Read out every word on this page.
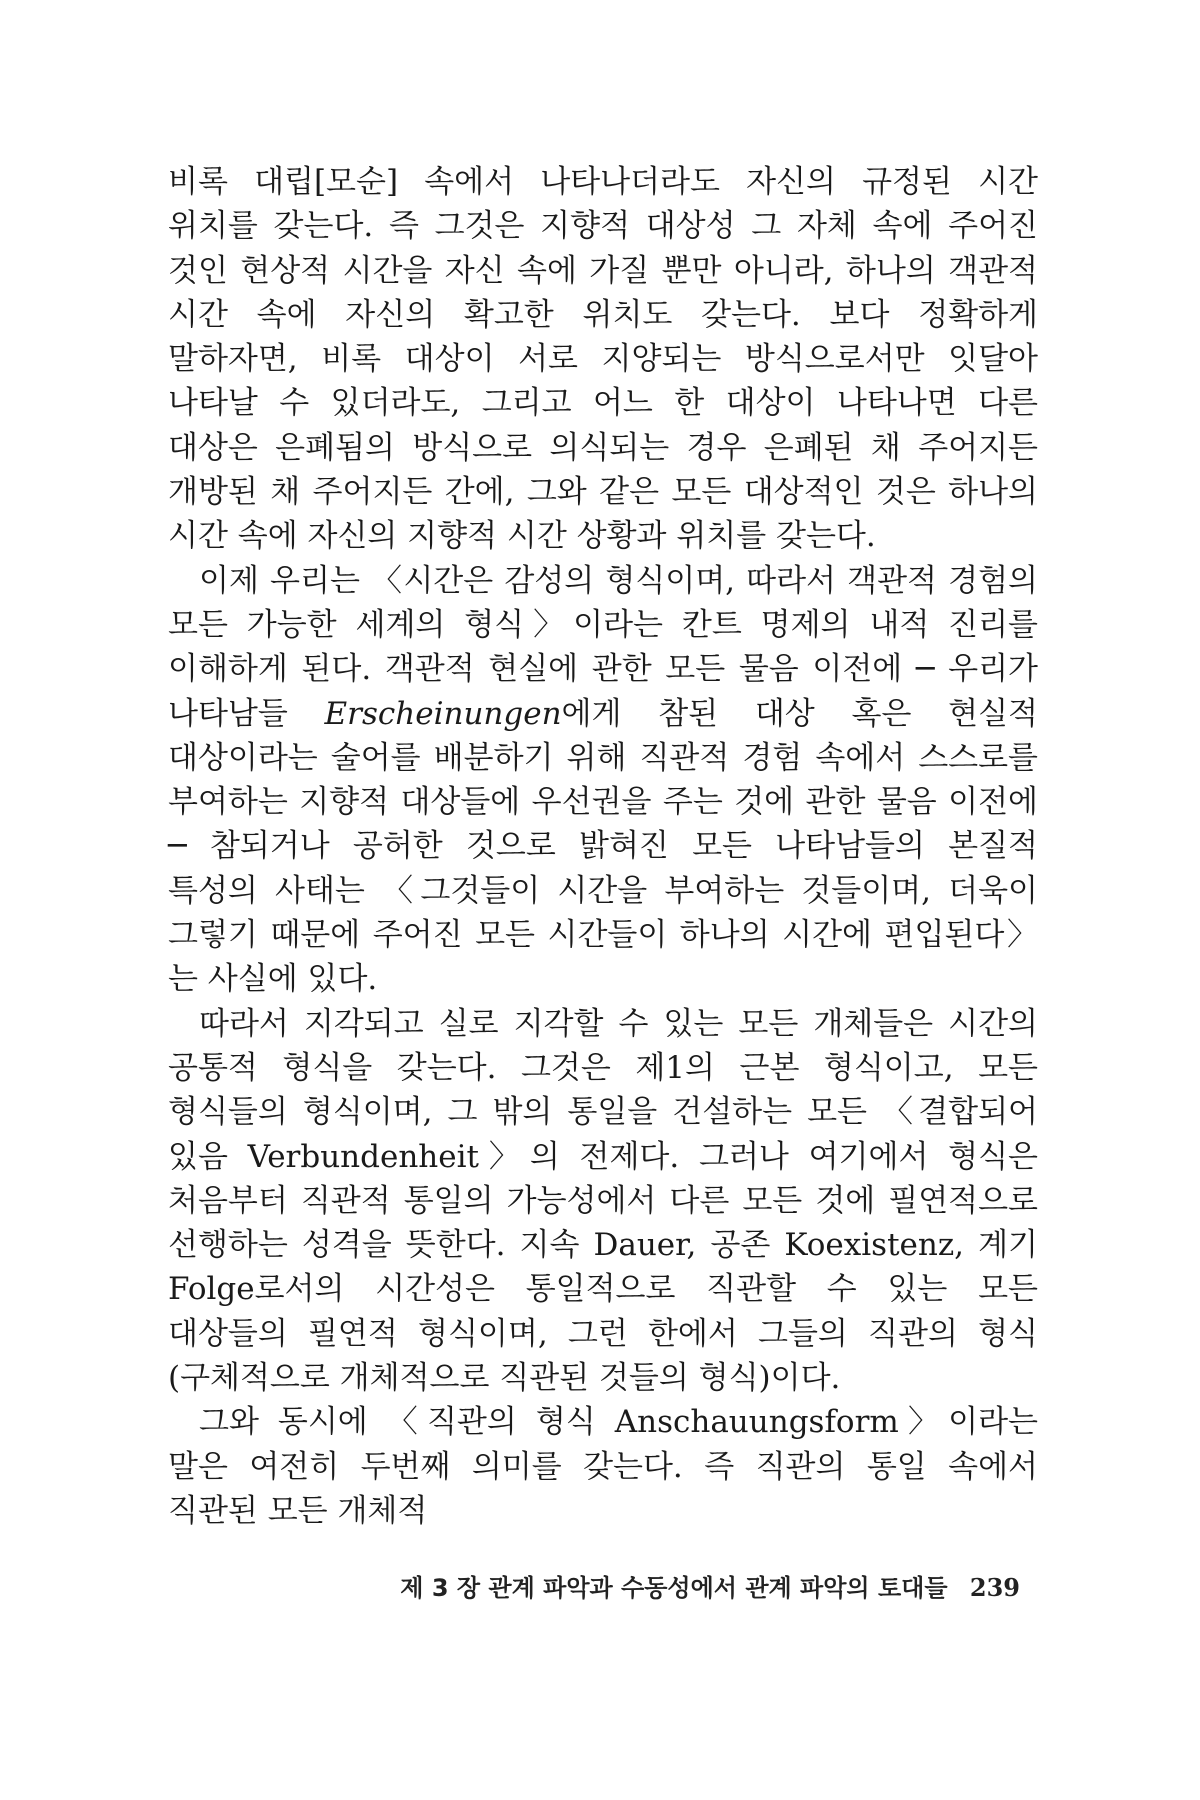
비록 대립[모순] 속에서 나타나더라도 자신의 규정된 시간 위치를 갖는다. 즉 그것은 지향적 대상성 그 자체 속에 주어진 것인 현상적 시간을 자신 속에 가질 뿐만 아니라, 하나의 객관적 시간 속에 자신의 확고한 위치도 갖는다. 보다 정확하게 말하자면, 비록 대상이 서로 지양되는 방식으로서만 잇달아 나타날 수 있더라도, 그리고 어느 한 대상이 나타나면 다른 대상은 은폐됨의 방식으로 의식되는 경우 은폐된 채 주어지든 개방된 채 주어지든 간에, 그와 같은 모든 대상적인 것은 하나의 시간 속에 자신의 지향적 시간 상황과 위치를 갖는다.

이제 우리는 〈시간은 감성의 형식이며, 따라서 객관적 경험의 모든 가능한 세계의 형식〉이라는 칸트 명제의 내적 진리를 이해하게 된다. 객관적 현실에 관한 모든 물음 이전에 ─ 우리가 나타남들 Erscheinungen에게 참된 대상 혹은 현실적 대상이라는 술어를 배분하기 위해 직관적 경험 속에서 스스로를 부여하는 지향적 대상들에 우선권을 주는 것에 관한 물음 이전에 ─ 참되거나 공허한 것으로 밝혀진 모든 나타남들의 본질적 특성의 사태는 〈그것들이 시간을 부여하는 것들이며, 더욱이 그렇기 때문에 주어진 모든 시간들이 하나의 시간에 편입된다〉는 사실에 있다.

따라서 지각되고 실로 지각할 수 있는 모든 개체들은 시간의 공통적 형식을 갖는다. 그것은 제1의 근본 형식이고, 모든 형식들의 형식이며, 그 밖의 통일을 건설하는 모든 〈결합되어 있음 Verbundenheit〉의 전제다. 그러나 여기에서 형식은 처음부터 직관적 통일의 가능성에서 다른 모든 것에 필연적으로 선행하는 성격을 뜻한다. 지속 Dauer, 공존 Koexistenz, 계기 Folge로서의 시간성은 통일적으로 직관할 수 있는 모든 대상들의 필연적 형식이며, 그런 한에서 그들의 직관의 형식(구체적으로 개체적으로 직관된 것들의 형식)이다.

그와 동시에 〈직관의 형식 Anschauungsform〉이라는 말은 여전히 두번째 의미를 갖는다. 즉 직관의 통일 속에서 직관된 모든 개체적

제 3 장 관계 파악과 수동성에서 관계 파악의 토대들 239
